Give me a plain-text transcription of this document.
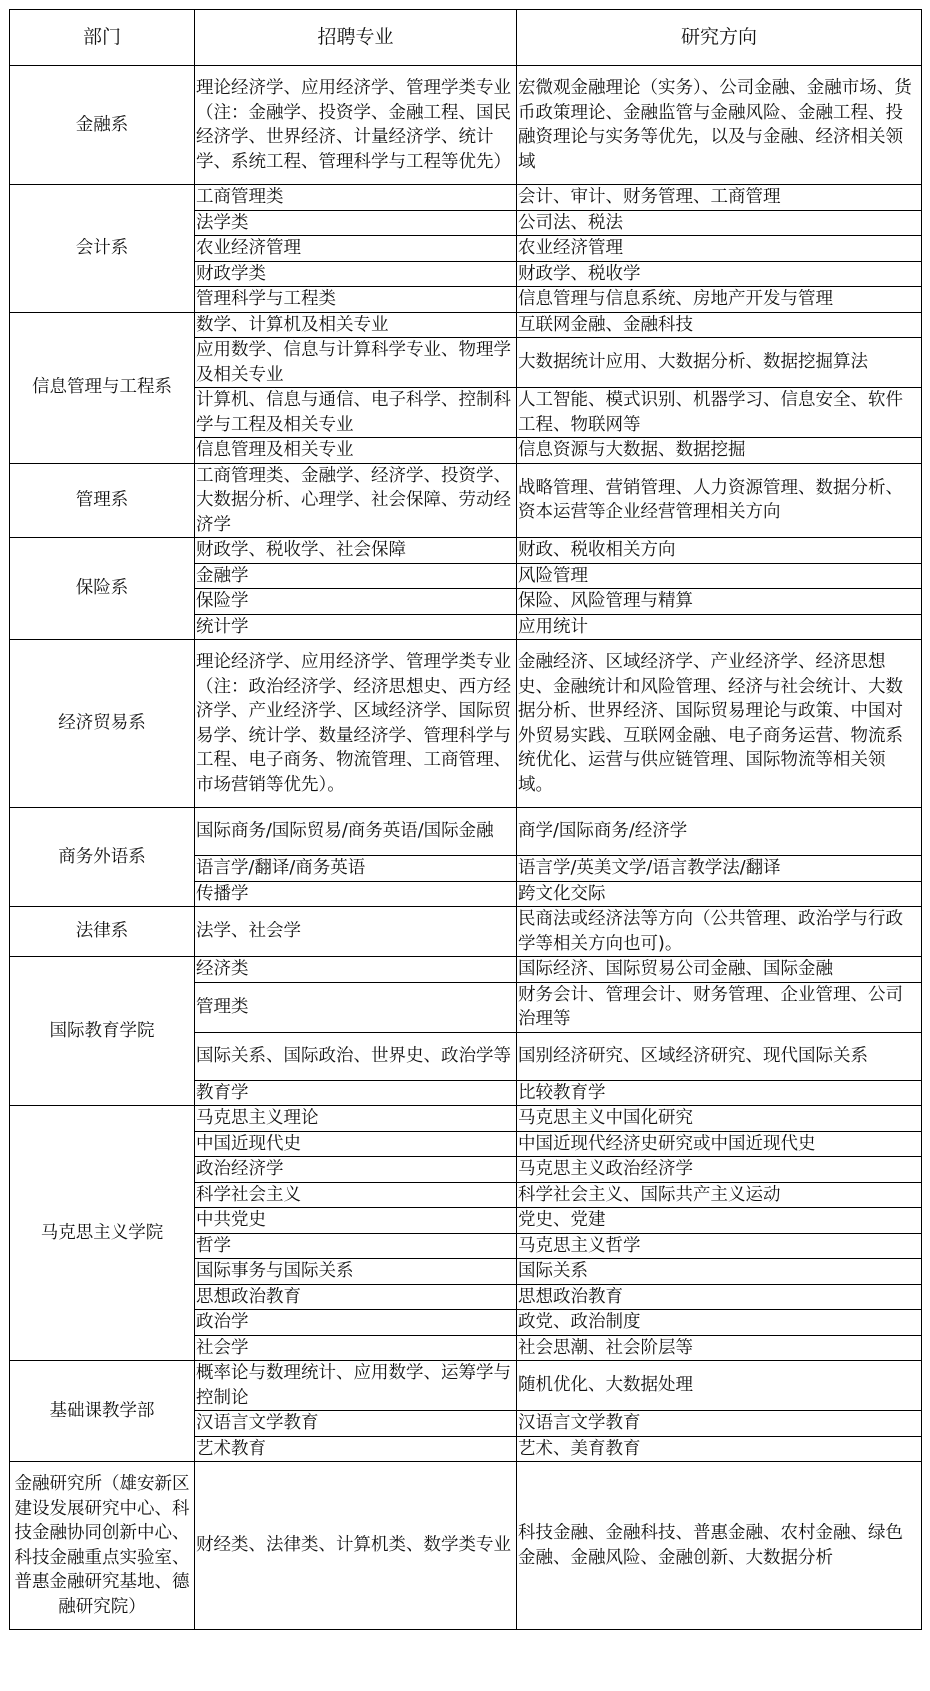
部门	招聘专业	研究方向
金融系	理论经济学、应用经济学、管理学类专业（注：金融学、投资学、金融工程、国民经济学、世界经济、计量经济学、统计学、系统工程、管理科学与工程等优先）	宏微观金融理论（实务）、公司金融、金融市场、货币政策理论、金融监管与金融风险、金融工程、投融资理论与实务等优先，以及与金融、经济相关领域
会计系	工商管理类	会计、审计、财务管理、工商管理
	法学类	公司法、税法
	农业经济管理	农业经济管理
	财政学类	财政学、税收学
	管理科学与工程类	信息管理与信息系统、房地产开发与管理
信息管理与工程系	数学、计算机及相关专业	互联网金融、金融科技
	应用数学、信息与计算科学专业、物理学及相关专业	大数据统计应用、大数据分析、数据挖掘算法
	计算机、信息与通信、电子科学、控制科学与工程及相关专业	人工智能、模式识别、机器学习、信息安全、软件工程、物联网等
	信息管理及相关专业	信息资源与大数据、数据挖掘
管理系	工商管理类、金融学、经济学、投资学、大数据分析、心理学、社会保障、劳动经济学	战略管理、营销管理、人力资源管理、数据分析、资本运营等企业经营管理相关方向
保险系	财政学、税收学、社会保障	财政、税收相关方向
	金融学	风险管理
	保险学	保险、风险管理与精算
	统计学	应用统计
经济贸易系	理论经济学、应用经济学、管理学类专业（注：政治经济学、经济思想史、西方经济学、产业经济学、区域经济学、国际贸易学、统计学、数量经济学、管理科学与工程、电子商务、物流管理、工商管理、市场营销等优先）。	金融经济、区域经济学、产业经济学、经济思想史、金融统计和风险管理、经济与社会统计、大数据分析、世界经济、国际贸易理论与政策、中国对外贸易实践、互联网金融、电子商务运营、物流系统优化、运营与供应链管理、国际物流等相关领域。
商务外语系	国际商务/国际贸易/商务英语/国际金融	商学/国际商务/经济学
	语言学/翻译/商务英语	语言学/英美文学/语言教学法/翻译
	传播学	跨文化交际
法律系	法学、社会学	民商法或经济法等方向（公共管理、政治学与行政学等相关方向也可)。
国际教育学院	经济类	国际经济、国际贸易公司金融、国际金融
	管理类	财务会计、管理会计、财务管理、企业管理、公司治理等
	国际关系、国际政治、世界史、政治学等	国别经济研究、区域经济研究、现代国际关系
	教育学	比较教育学
马克思主义学院	马克思主义理论	马克思主义中国化研究
	中国近现代史	中国近现代经济史研究或中国近现代史
	政治经济学	马克思主义政治经济学
	科学社会主义	科学社会主义、国际共产主义运动
	中共党史	党史、党建
	哲学	马克思主义哲学
	国际事务与国际关系	国际关系
	思想政治教育	思想政治教育
	政治学	政党、政治制度
	社会学	社会思潮、社会阶层等
基础课教学部	概率论与数理统计、应用数学、运筹学与控制论	随机优化、大数据处理
	汉语言文学教育	汉语言文学教育
	艺术教育	艺术、美育教育
金融研究所（雄安新区建设发展研究中心、科技金融协同创新中心、科技金融重点实验室、普惠金融研究基地、德融研究院）	财经类、法律类、计算机类、数学类专业	科技金融、金融科技、普惠金融、农村金融、绿色金融、金融风险、金融创新、大数据分析
